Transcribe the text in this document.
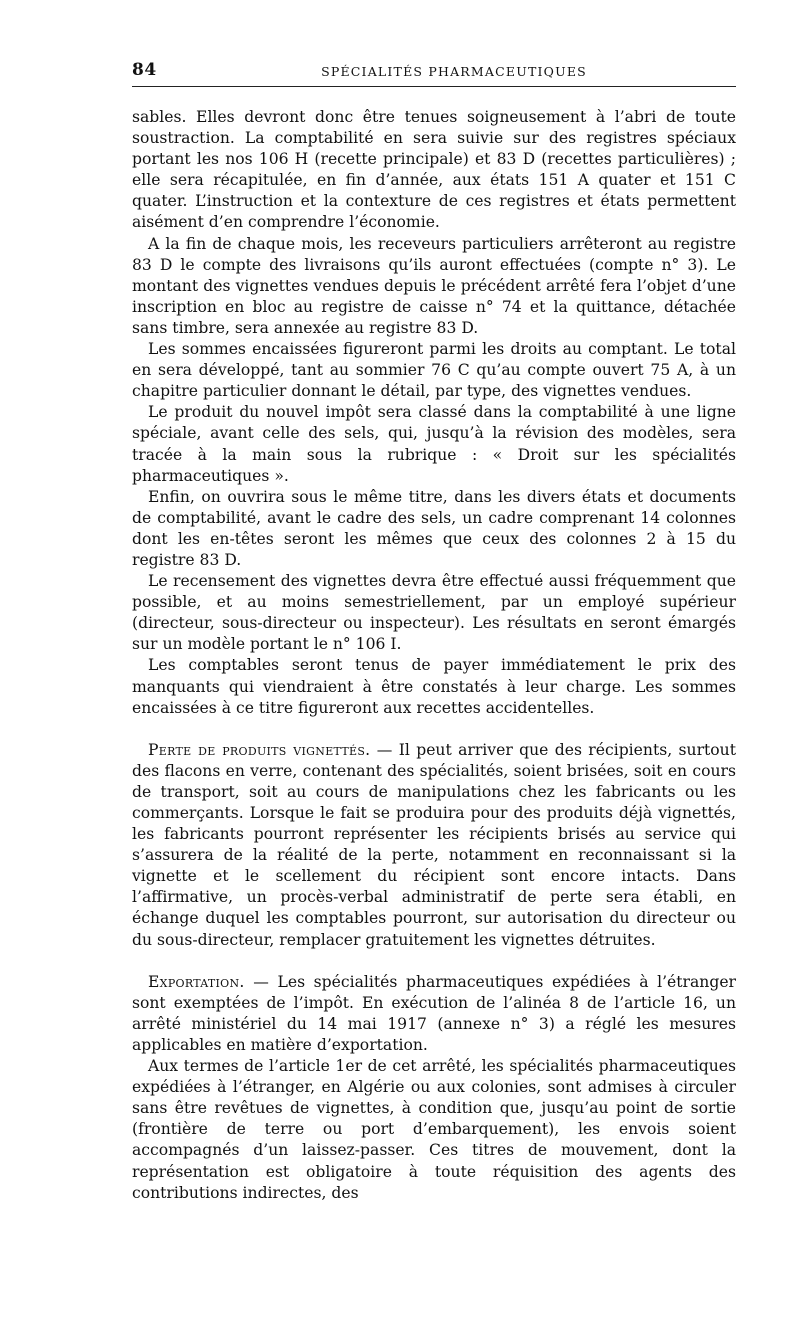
84	SPÉCIALITÉS PHARMACEUTIQUES

sables. Elles devront donc être tenues soigneusement à l’abri de toute soustraction. La comptabilité en sera suivie sur des registres spéciaux portant les nos 106 H (recette principale) et 83 D (recettes particulières) ; elle sera récapitulée, en fin d’année, aux états 151 A quater et 151 C quater. L’instruction et la contexture de ces registres et états permettent aisément d’en comprendre l’économie.

A la fin de chaque mois, les receveurs particuliers arrêteront au registre 83 D le compte des livraisons qu’ils auront effectuées (compte n° 3). Le montant des vignettes vendues depuis le précédent arrêté fera l’objet d’une inscription en bloc au registre de caisse n° 74 et la quittance, détachée sans timbre, sera annexée au registre 83 D.

Les sommes encaissées figureront parmi les droits au comptant. Le total en sera développé, tant au sommier 76 C qu’au compte ouvert 75 A, à un chapitre particulier donnant le détail, par type, des vignettes vendues.

Le produit du nouvel impôt sera classé dans la comptabilité à une ligne spéciale, avant celle des sels, qui, jusqu’à la révision des modèles, sera tracée à la main sous la rubrique : « Droit sur les spécialités pharmaceutiques ».

Enfin, on ouvrira sous le même titre, dans les divers états et documents de comptabilité, avant le cadre des sels, un cadre comprenant 14 colonnes dont les en-têtes seront les mêmes que ceux des colonnes 2 à 15 du registre 83 D.

Le recensement des vignettes devra être effectué aussi fréquemment que possible, et au moins semestriellement, par un employé supérieur (directeur, sous-directeur ou inspecteur). Les résultats en seront émargés sur un modèle portant le n° 106 I.

Les comptables seront tenus de payer immédiatement le prix des manquants qui viendraient à être constatés à leur charge. Les sommes encaissées à ce titre figureront aux recettes accidentelles.

Perte de produits vignettés. — Il peut arriver que des récipients, surtout des flacons en verre, contenant des spécialités, soient brisées, soit en cours de transport, soit au cours de manipulations chez les fabricants ou les commerçants. Lorsque le fait se produira pour des produits déjà vignettés, les fabricants pourront représenter les récipients brisés au service qui s’assurera de la réalité de la perte, notamment en reconnaissant si la vignette et le scellement du récipient sont encore intacts. Dans l’affirmative, un procès-verbal administratif de perte sera établi, en échange duquel les comptables pourront, sur autorisation du directeur ou du sous-directeur, remplacer gratuitement les vignettes détruites.

Exportation. — Les spécialités pharmaceutiques expédiées à l’étranger sont exemptées de l’impôt. En exécution de l’alinéa 8 de l’article 16, un arrêté ministériel du 14 mai 1917 (annexe n° 3) a réglé les mesures applicables en matière d’exportation.

Aux termes de l’article 1er de cet arrêté, les spécialités pharmaceutiques expédiées à l’étranger, en Algérie ou aux colonies, sont admises à circuler sans être revêtues de vignettes, à condition que, jusqu’au point de sortie (frontière de terre ou port d’embarquement), les envois soient accompagnés d’un laissez-passer. Ces titres de mouvement, dont la représentation est obligatoire à toute réquisition des agents des contributions indirectes, des
